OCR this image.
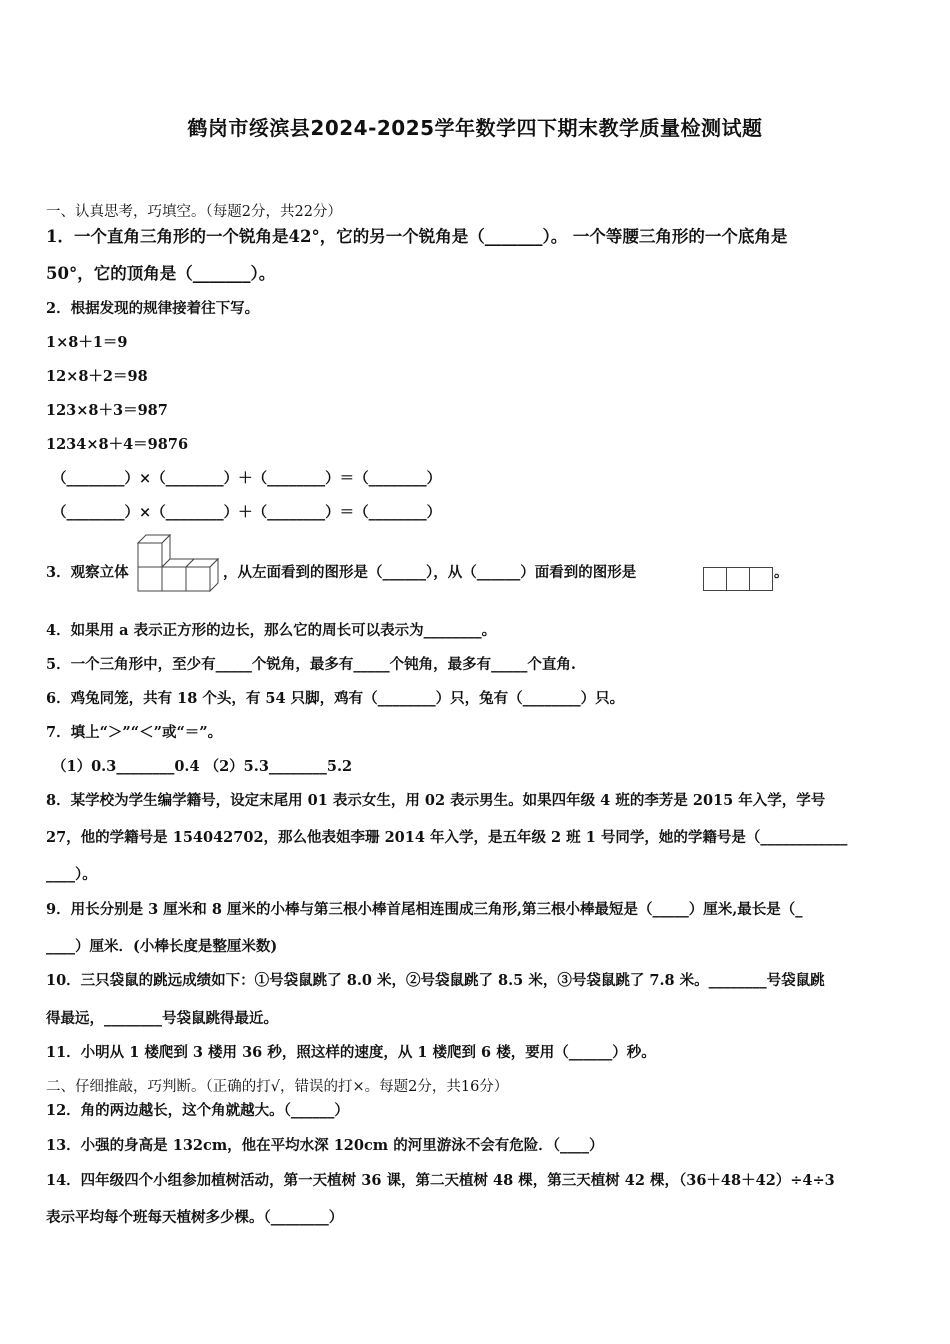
鹤岗市绥滨县2024-2025学年数学四下期末教学质量检测试题
一、认真思考，巧填空。（每题2分，共22分）
1．一个直角三角形的一个锐角是42°，它的另一个锐角是（_______）。 一个等腰三角形的一个底角是
50°，它的顶角是（_______）。
2．根据发现的规律接着往下写。
1×8＋1＝9
12×8＋2＝98
123×8＋3＝987
1234×8＋4＝9876
（________）×（________）＋（________）＝（________）
（________）×（________）＋（________）＝（________）
3．观察立体	，从左面看到的图形是（______），从（______）面看到的图形是	。
4．如果用 a 表示正方形的边长，那么它的周长可以表示为________。
5．一个三角形中，至少有_____个锐角，最多有_____个钝角，最多有_____个直角.
6．鸡兔同笼，共有 18 个头，有 54 只脚，鸡有（________）只，兔有（________）只。
7．填上“＞”“＜”或“＝”。
（1）0.3________0.4 （2）5.3________5.2
8．某学校为学生编学籍号，设定末尾用 01 表示女生，用 02 表示男生。如果四年级 4 班的李芳是 2015 年入学，学号
27，他的学籍号是 154042702，那么他表姐李珊 2014 年入学，是五年级 2 班 1 号同学，她的学籍号是（____________
____）。
9．用长分别是 3 厘米和 8 厘米的小棒与第三根小棒首尾相连围成三角形,第三根小棒最短是（_____）厘米,最长是（_
____）厘米．(小棒长度是整厘米数)
10．三只袋鼠的跳远成绩如下：①号袋鼠跳了 8.0 米，②号袋鼠跳了 8.5 米，③号袋鼠跳了 7.8 米。________号袋鼠跳
得最远，________号袋鼠跳得最近。
11．小明从 1 楼爬到 3 楼用 36 秒，照这样的速度，从 1 楼爬到 6 楼，要用（______）秒。
二、仔细推敲，巧判断。（正确的打√，错误的打×。每题2分，共16分）
12．角的两边越长，这个角就越大。（______）
13．小强的身高是 132cm，他在平均水深 120cm 的河里游泳不会有危险．（____）
14．四年级四个小组参加植树活动，第一天植树 36 课，第二天植树 48 棵，第三天植树 42 棵，（36＋48＋42）÷4÷3
表示平均每个班每天植树多少棵。（________）
